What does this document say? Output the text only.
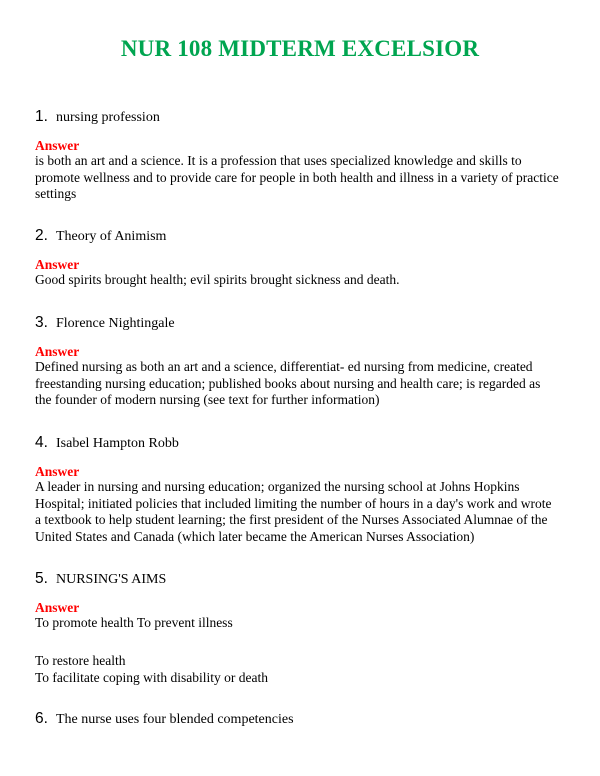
NUR 108 MIDTERM EXCELSIOR
1. nursing profession
Answer
is both an art and a science. It is a profession that uses specialized knowledge and skills to
promote wellness and to provide care for people in both health and illness in a variety of practice
settings
2. Theory of Animism
Answer
Good spirits brought health; evil spirits brought sickness and death.
3. Florence Nightingale
Answer
Defined nursing as both an art and a science, differentiat- ed nursing from medicine, created
freestanding nursing education; published books about nursing and health care; is regarded as
the founder of modern nursing (see text for further information)
4. Isabel Hampton Robb
Answer
A leader in nursing and nursing education; organized the nursing school at Johns Hopkins
Hospital; initiated policies that included limiting the number of hours in a day's work and wrote
a textbook to help student learning; the first president of the Nurses Associated Alumnae of the
United States and Canada (which later became the American Nurses Association)
5. NURSING'S AIMS
Answer
To promote health To prevent illness
To restore health
To facilitate coping with disability or death
6. The nurse uses four blended competencies
